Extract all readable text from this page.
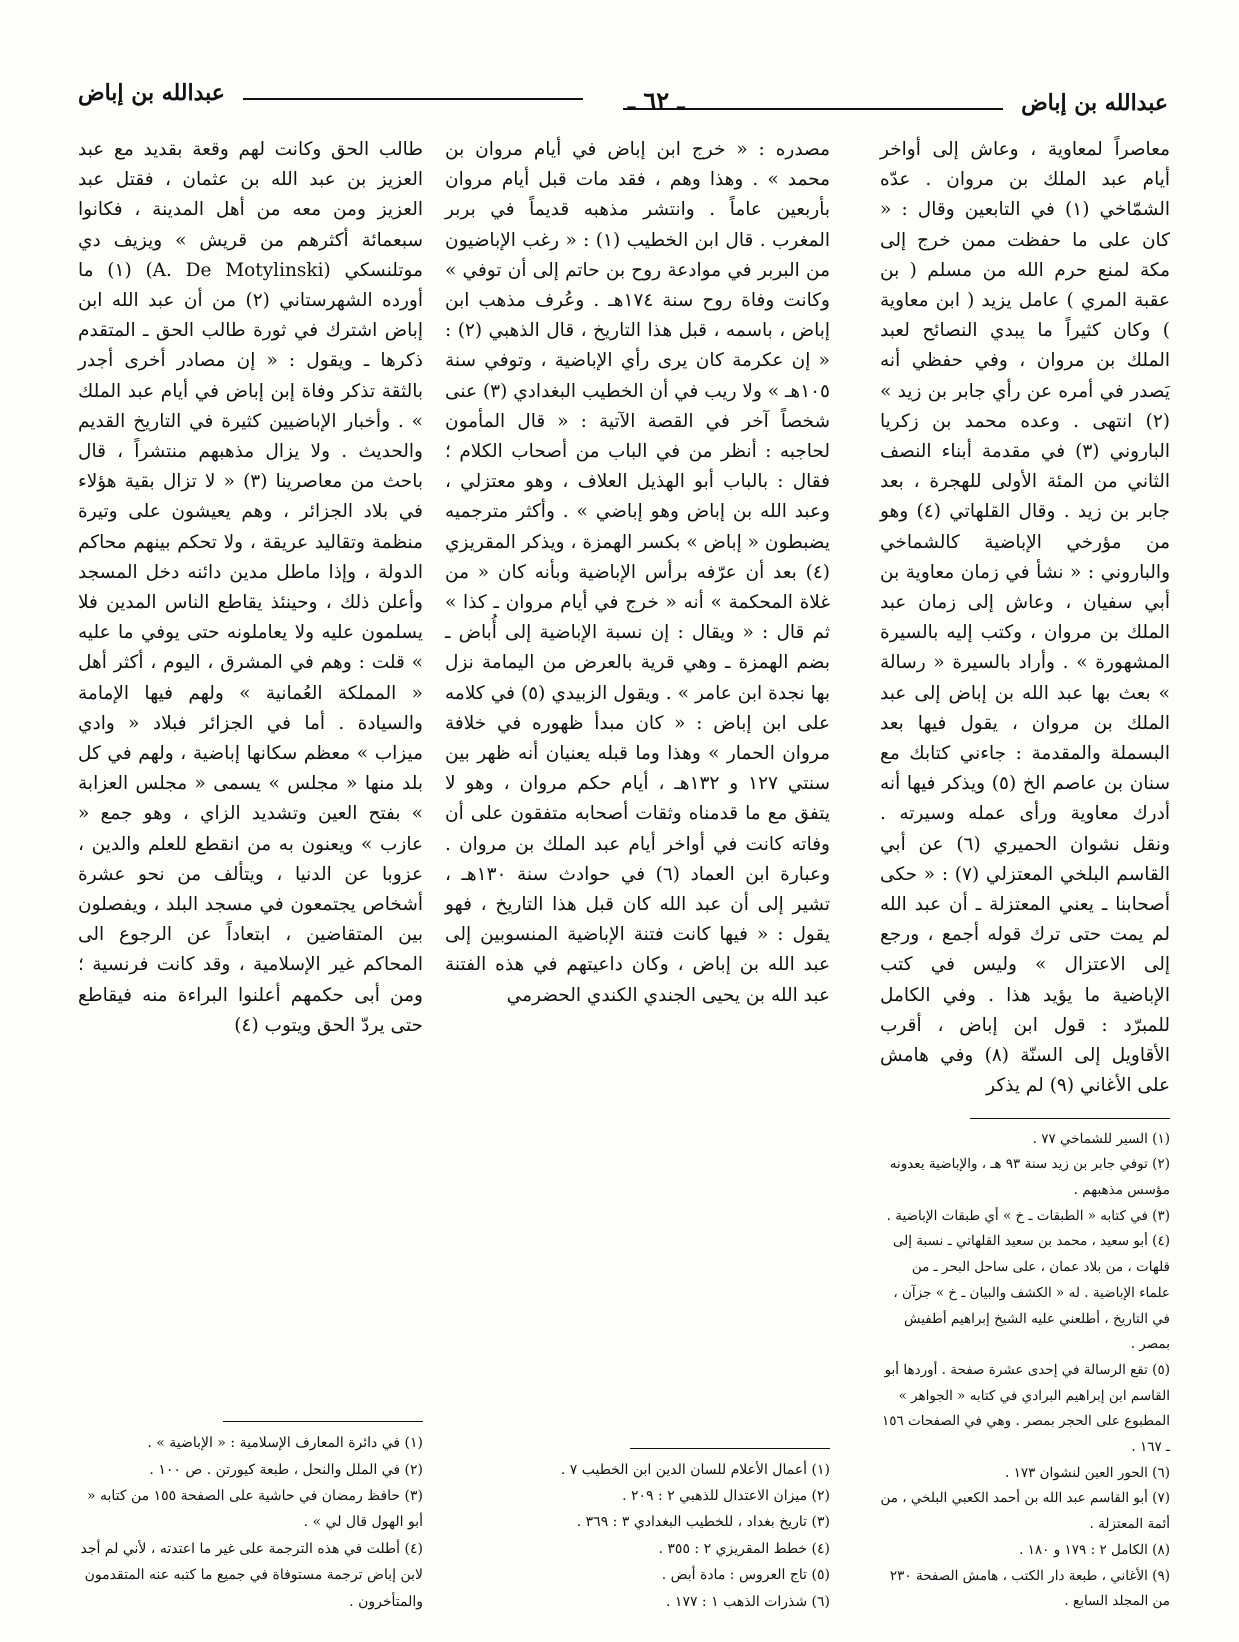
عبدالله بن إباض
ـ ٦٢ ـ
عبدالله بن إباض

معاصراً لمعاوية ، وعاش إلى أواخر أيام عبد الملك بن مروان . عدّه الشمّاخي (١) في التابعين وقال : « كان على ما حفظت ممن خرج إلى مكة لمنع حرم الله من مسلم ( بن عقبة المري ) عامل يزيد ( ابن معاوية ) وكان كثيراً ما يبدي النصائح لعبد الملك بن مروان ، وفي حفظي أنه يَصدر في أمره عن رأي جابر بن زيد » (٢) انتهى . وعده محمد بن زكريا الباروني (٣) في مقدمة أبناء النصف الثاني من المئة الأولى للهجرة ، بعد جابر بن زيد . وقال القلهاتي (٤) وهو من مؤرخي الإباضية كالشماخي والباروني : « نشأ في زمان معاوية بن أبي سفيان ، وعاش إلى زمان عبد الملك بن مروان ، وكتب إليه بالسيرة المشهورة » . وأراد بالسيرة « رسالة » بعث بها عبد الله بن إباض إلى عبد الملك بن مروان ، يقول فيها بعد البسملة والمقدمة : جاءني كتابك مع سنان بن عاصم الخ (٥) ويذكر فيها أنه أدرك معاوية ورأى عمله وسيرته . ونقل نشوان الحميري (٦) عن أبي القاسم البلخي المعتزلي (٧) : « حكى أصحابنا ـ يعني المعتزلة ـ أن عبد الله لم يمت حتى ترك قوله أجمع ، ورجع إلى الاعتزال » وليس في كتب الإباضية ما يؤيد هذا . وفي الكامل للمبرّد : قول ابن إباض ، أقرب الأقاويل إلى السنّة (٨) وفي هامش على الأغاني (٩) لم يذكر

(١) السير للشماخي ٧٧ .

(٢) توفي جابر بن زيد سنة ٩٣ هـ ، والإباضية يعدونه مؤسس مذهبهم .

(٣) في كتابه « الطبقات ـ خ » أي طبقات الإباضية .

(٤) أبو سعيد ، محمد بن سعيد القلهاتي ـ نسبة إلى قلهات ، من بلاد عمان ، على ساحل البحر ـ من علماء الإباضية . له « الكشف والبيان ـ خ » جزآن ، في التاريخ ، أطلعني عليه الشيخ إبراهيم أطفيش بمصر .

(٥) تقع الرسالة في إحدى عشرة صفحة . أوردها أبو القاسم ابن إبراهيم البرادي في كتابه « الجواهر » المطبوع على الحجر بمصر . وهي في الصفحات ١٥٦ ـ ١٦٧ .

(٦) الحور العين لنشوان ١٧٣ .

(٧) أبو القاسم عبد الله بن أحمد الكعبي البلخي ، من أئمة المعتزلة .

(٨) الكامل ٢ : ١٧٩ و ١٨٠ .

(٩) الأغاني ، طبعة دار الكتب ، هامش الصفحة ٢٣٠ من المجلد السابع .

مصدره : « خرج ابن إباض في أيام مروان بن محمد » . وهذا وهم ، فقد مات قبل أيام مروان بأربعين عاماً . وانتشر مذهبه قديماً في بربر المغرب . قال ابن الخطيب (١) : « رغب الإباضيون من البربر في موادعة روح بن حاتم إلى أن توفي » وكانت وفاة روح سنة ١٧٤هـ . وعُرف مذهب ابن إباض ، باسمه ، قبل هذا التاريخ ، قال الذهبي (٢) : « إن عكرمة كان يرى رأي الإباضية ، وتوفي سنة ١٠٥هـ » ولا ريب في أن الخطيب البغدادي (٣) عنى شخصاً آخر في القصة الآتية : « قال المأمون لحاجبه : أنظر من في الباب من أصحاب الكلام ؛ فقال : بالباب أبو الهذيل العلاف ، وهو معتزلي ، وعبد الله بن إباض وهو إباضي » . وأكثر مترجميه يضبطون « إباض » بكسر الهمزة ، ويذكر المقريزي (٤) بعد أن عرّفه برأس الإباضية وبأنه كان « من غلاة المحكمة » أنه « خرج في أيام مروان ـ كذا » ثم قال : « ويقال : إن نسبة الإباضية إلى أُباض ـ بضم الهمزة ـ وهي قرية بالعرض من اليمامة نزل بها نجدة ابن عامر » . ويقول الزبيدي (٥) في كلامه على ابن إباض : « كان مبدأ ظهوره في خلافة مروان الحمار » وهذا وما قبله يعنيان أنه ظهر بين سنتي ١٢٧ و ١٣٢هـ ، أيام حكم مروان ، وهو لا يتفق مع ما قدمناه وثقات أصحابه متفقون على أن وفاته كانت في أواخر أيام عبد الملك بن مروان . وعبارة ابن العماد (٦) في حوادث سنة ١٣٠هـ ، تشير إلى أن عبد الله كان قبل هذا التاريخ ، فهو يقول : « فيها كانت فتنة الإباضية المنسوبين إلى عبد الله بن إباض ، وكان داعيتهم في هذه الفتنة عبد الله بن يحيى الجندي الكندي الحضرمي

(١) أعمال الأعلام للسان الدين ابن الخطيب ٧ .

(٢) ميزان الاعتدال للذهبي ٢ : ٢٠٩ .

(٣) تاريخ بغداد ، للخطيب البغدادي ٣ : ٣٦٩ .

(٤) خطط المقريزي ٢ : ٣٥٥ .

(٥) تاج العروس : مادة أبض .

(٦) شذرات الذهب ١ : ١٧٧ .

طالب الحق وكانت لهم وقعة بقديد مع عبد العزيز بن عبد الله بن عثمان ، فقتل عبد العزيز ومن معه من أهل المدينة ، فكانوا سبعمائة أكثرهم من قريش » ويزيف دي موتلنسكي (A. De Motylinski) (١) ما أورده الشهرستاني (٢) من أن عبد الله ابن إباض اشترك في ثورة طالب الحق ـ المتقدم ذكرها ـ ويقول : « إن مصادر أخرى أجدر بالثقة تذكر وفاة إبن إباض في أيام عبد الملك » . وأخبار الإباضيين كثيرة في التاريخ القديم والحديث . ولا يزال مذهبهم منتشراً ، قال باحث من معاصرينا (٣) « لا تزال بقية هؤلاء في بلاد الجزائر ، وهم يعيشون على وتيرة منظمة وتقاليد عريقة ، ولا تحكم بينهم محاكم الدولة ، وإذا ماطل مدين دائنه دخل المسجد وأعلن ذلك ، وحينئذ يقاطع الناس المدين فلا يسلمون عليه ولا يعاملونه حتى يوفي ما عليه » قلت : وهم في المشرق ، اليوم ، أكثر أهل « المملكة العُمانية » ولهم فيها الإمامة والسيادة . أما في الجزائر فبلاد « وادي ميزاب » معظم سكانها إباضية ، ولهم في كل بلد منها « مجلس » يسمى « مجلس العزابة » بفتح العين وتشديد الزاي ، وهو جمع « عازب » ويعنون به من انقطع للعلم والدين ، عزوبا عن الدنيا ، ويتألف من نحو عشرة أشخاص يجتمعون في مسجد البلد ، ويفصلون بين المتقاضين ، ابتعاداً عن الرجوع الى المحاكم غير الإسلامية ، وقد كانت فرنسية ؛ ومن أبى حكمهم أعلنوا البراءة منه فيقاطع حتى يردّ الحق ويتوب (٤)

(١) في دائرة المعارف الإسلامية : « الإباضية » .

(٢) في الملل والنحل ، طبعة كيورتن . ص ١٠٠ .

(٣) حافظ رمضان في حاشية على الصفحة ١٥٥ من كتابه « أبو الهول قال لي » .

(٤) أطلت في هذه الترجمة على غير ما اعتدته ، لأني لم أجد لابن إباض ترجمة مستوفاة في جميع ما كتبه عنه المتقدمون والمتأخرون .
